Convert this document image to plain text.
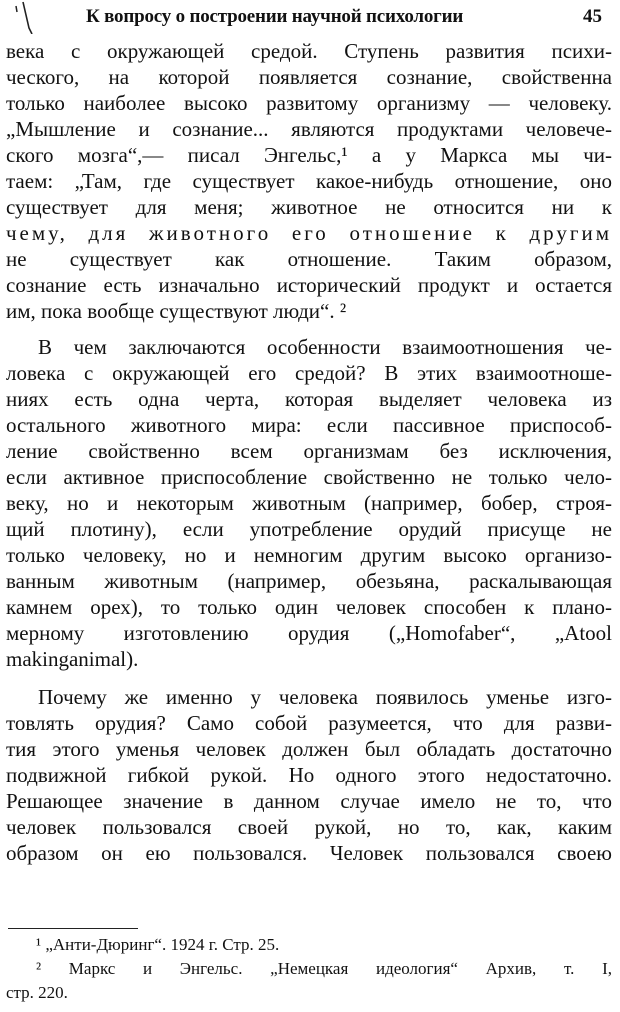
К вопросу о построении научной психологии	45
века с окружающей средой. Ступень развития психи-
ческого, на которой появляется сознание, свойственна
только наиболее высоко развитому организму — человеку.
„Мышление и сознание... являются продуктами человече-
ского мозга“,— писал Энгельс,¹ а у Маркса мы чи-
таем: „Там, где существует какое-нибудь отношение, оно
существует для меня; животное не относится ни к
чему, для животного его отношение к другим
не существует как отношение. Таким образом,
сознание есть изначально исторический продукт и остается
им, пока вообще существуют люди“. ²
В чем заключаются особенности взаимоотношения че-
ловека с окружающей его средой? В этих взаимоотноше-
ниях есть одна черта, которая выделяет человека из
остального животного мира: если пассивное приспособ-
ление свойственно всем организмам без исключения,
если активное приспособление свойственно не только чело-
веку, но и некоторым животным (например, бобер, строя-
щий плотину), если употребление орудий присуще не
только человеку, но и немногим другим высоко организо-
ванным животным (например, обезьяна, раскалывающая
камнем орех), то только один человек способен к плано-
мерному изготовлению орудия („Homofaber“, „Atool
makinganimal).
Почему же именно у человека появилось уменье изго-
товлять орудия? Само собой разумеется, что для разви-
тия этого уменья человек должен был обладать достаточно
подвижной гибкой рукой. Но одного этого недостаточно.
Решающее значение в данном случае имело не то, что
человек пользовался своей рукой, но то, как, каким
образом он ею пользовался. Человек пользовался своею
¹ „Анти-Дюринг“. 1924 г. Стр. 25.
² Маркс и Энгельс. „Немецкая идеология“ Архив, т. I,
стр. 220.
